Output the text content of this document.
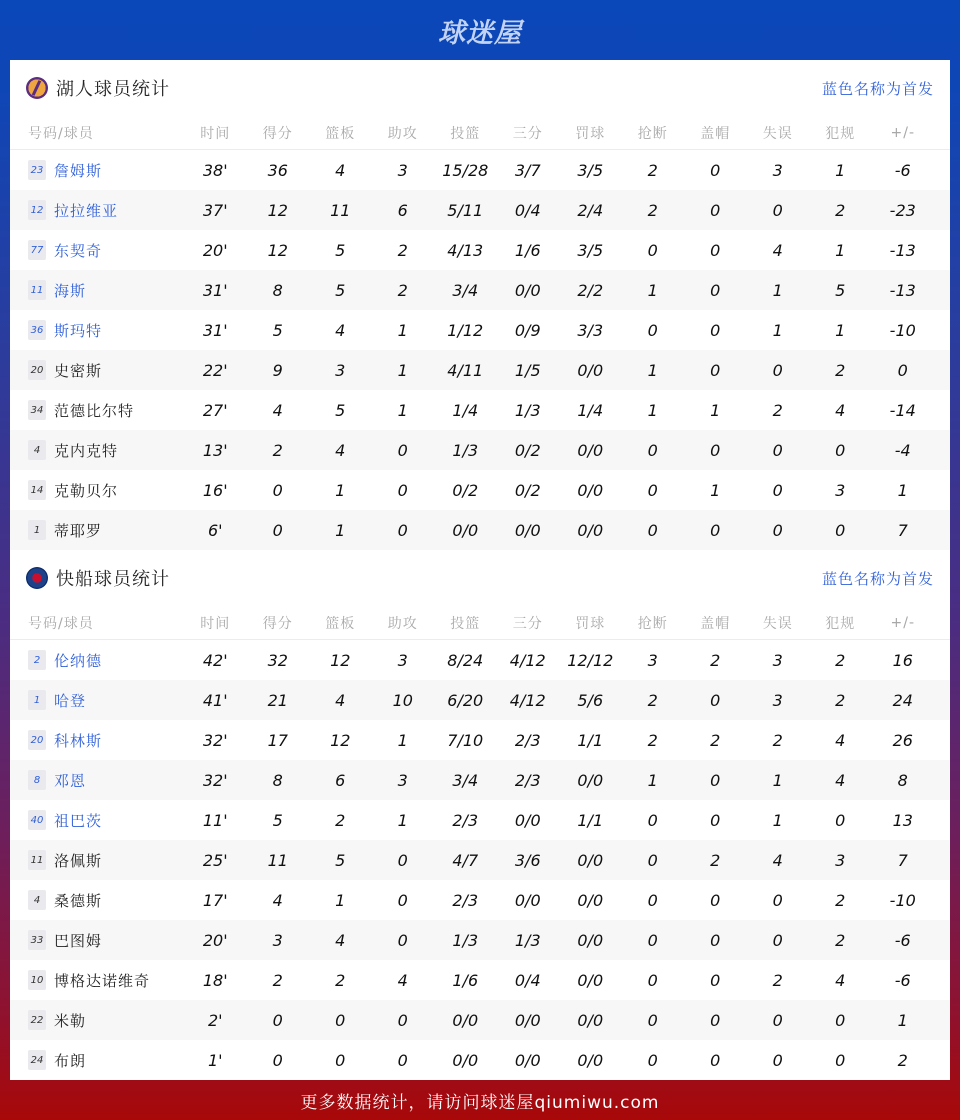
球迷屋
湖人球员统计	蓝色名称为首发
号码/球员	时间	得分	篮板	助攻	投篮	三分	罚球	抢断	盖帽	失误	犯规	+/-
23 詹姆斯	38'	36	4	3	15/28	3/7	3/5	2	0	3	1	-6
12 拉拉维亚	37'	12	11	6	5/11	0/4	2/4	2	0	0	2	-23
77 东契奇	20'	12	5	2	4/13	1/6	3/5	0	0	4	1	-13
11 海斯	31'	8	5	2	3/4	0/0	2/2	1	0	1	5	-13
36 斯玛特	31'	5	4	1	1/12	0/9	3/3	0	0	1	1	-10
20 史密斯	22'	9	3	1	4/11	1/5	0/0	1	0	0	2	0
34 范德比尔特	27'	4	5	1	1/4	1/3	1/4	1	1	2	4	-14
4 克内克特	13'	2	4	0	1/3	0/2	0/0	0	0	0	0	-4
14 克勒贝尔	16'	0	1	0	0/2	0/2	0/0	0	1	0	3	1
1 蒂耶罗	6'	0	1	0	0/0	0/0	0/0	0	0	0	0	7
快船球员统计	蓝色名称为首发
号码/球员	时间	得分	篮板	助攻	投篮	三分	罚球	抢断	盖帽	失误	犯规	+/-
2 伦纳德	42'	32	12	3	8/24	4/12	12/12	3	2	3	2	16
1 哈登	41'	21	4	10	6/20	4/12	5/6	2	0	3	2	24
20 科林斯	32'	17	12	1	7/10	2/3	1/1	2	2	2	4	26
8 邓恩	32'	8	6	3	3/4	2/3	0/0	1	0	1	4	8
40 祖巴茨	11'	5	2	1	2/3	0/0	1/1	0	0	1	0	13
11 洛佩斯	25'	11	5	0	4/7	3/6	0/0	0	2	4	3	7
4 桑德斯	17'	4	1	0	2/3	0/0	0/0	0	0	0	2	-10
33 巴图姆	20'	3	4	0	1/3	1/3	0/0	0	0	0	2	-6
10 博格达诺维奇	18'	2	2	4	1/6	0/4	0/0	0	0	2	4	-6
22 米勒	2'	0	0	0	0/0	0/0	0/0	0	0	0	0	1
24 布朗	1'	0	0	0	0/0	0/0	0/0	0	0	0	0	2
更多数据统计，请访问球迷屋qiumiwu.com
